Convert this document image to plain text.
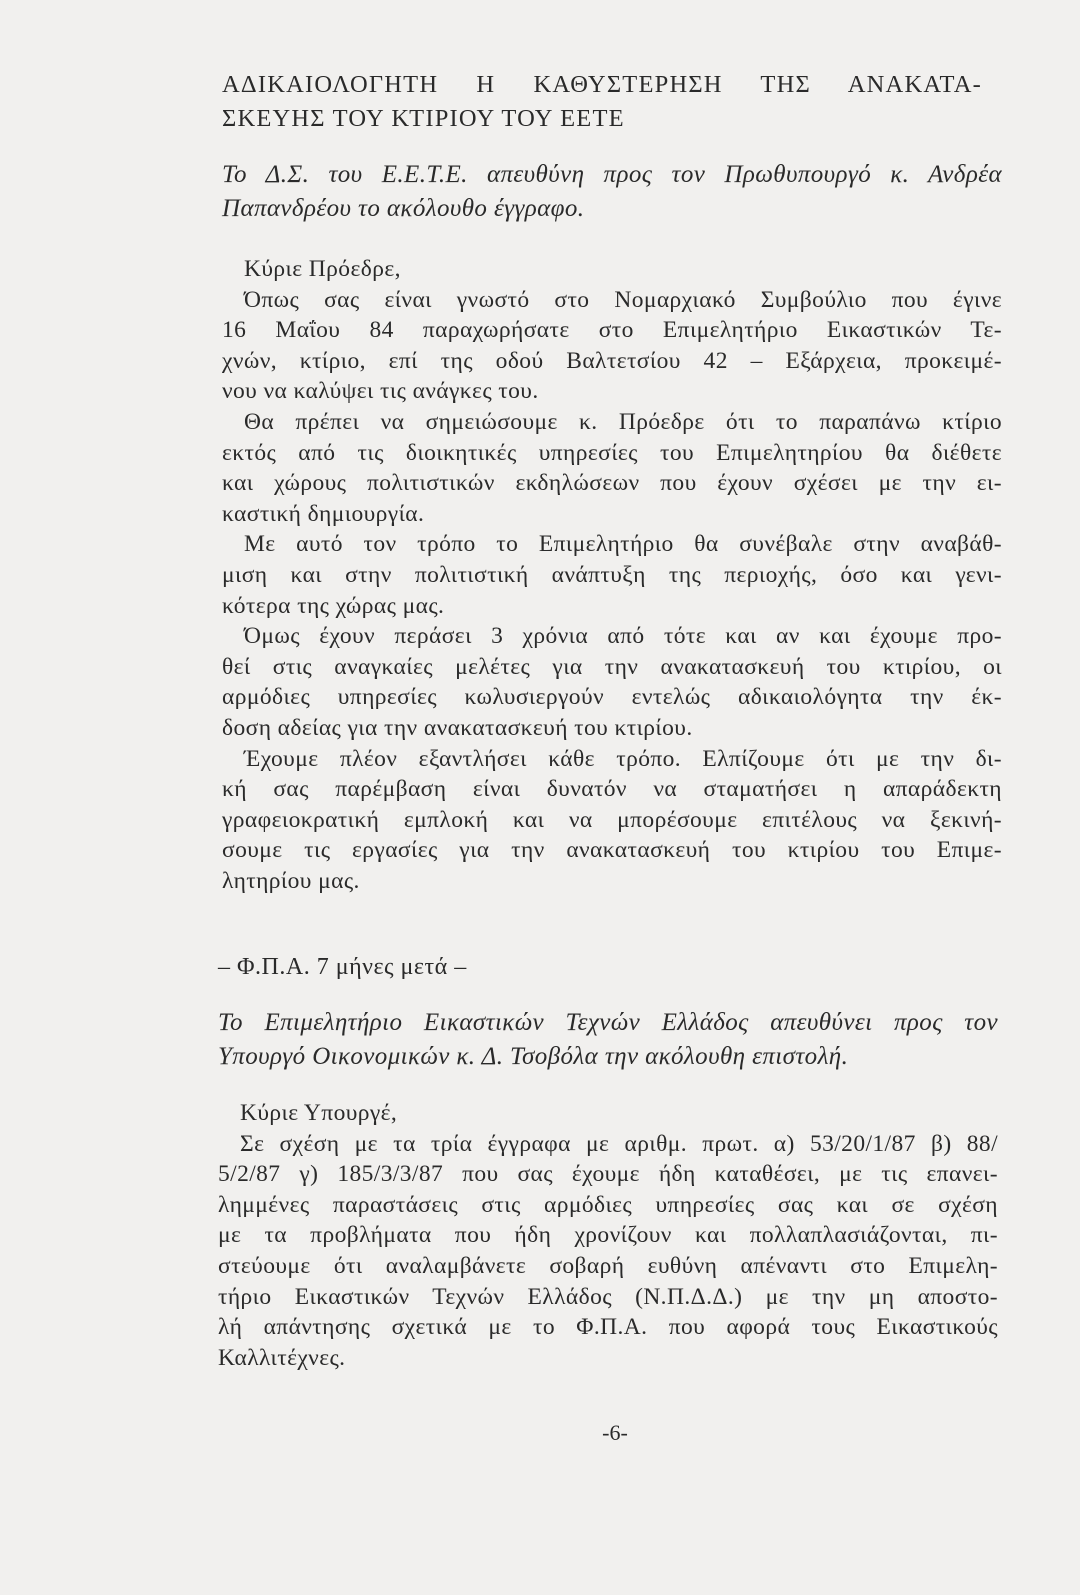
ΑΔΙΚΑΙΟΛΟΓΗΤΗ Η ΚΑΘΥΣΤΕΡΗΣΗ ΤΗΣ ΑΝΑΚΑΤΑ-
ΣΚΕΥΗΣ ΤΟΥ ΚΤΙΡΙΟΥ ΤΟΥ ΕΕΤΕ
Το Δ.Σ. του Ε.Ε.Τ.Ε. απευθύνη προς τον Πρωθυπουργό κ. Ανδρέα
Παπανδρέου το ακόλουθο έγγραφο.
Κύριε Πρόεδρε,
Όπως σας είναι γνωστό στο Νομαρχιακό Συμβούλιο που έγινε
16 Μαΐου 84 παραχωρήσατε στο Επιμελητήριο Εικαστικών Τε-
χνών, κτίριο, επί της οδού Βαλτετσίου 42 – Εξάρχεια, προκειμέ-
νου να καλύψει τις ανάγκες του.
Θα πρέπει να σημειώσουμε κ. Πρόεδρε ότι το παραπάνω κτίριο
εκτός από τις διοικητικές υπηρεσίες του Επιμελητηρίου θα διέθετε
και χώρους πολιτιστικών εκδηλώσεων που έχουν σχέσει με την ει-
καστική δημιουργία.
Με αυτό τον τρόπο το Επιμελητήριο θα συνέβαλε στην αναβάθ-
μιση και στην πολιτιστική ανάπτυξη της περιοχής, όσο και γενι-
κότερα της χώρας μας.
Όμως έχουν περάσει 3 χρόνια από τότε και αν και έχουμε προ-
θεί στις αναγκαίες μελέτες για την ανακατασκευή του κτιρίου, οι
αρμόδιες υπηρεσίες κωλυσιεργούν εντελώς αδικαιολόγητα την έκ-
δοση αδείας για την ανακατασκευή του κτιρίου.
Έχουμε πλέον εξαντλήσει κάθε τρόπο. Ελπίζουμε ότι με την δι-
κή σας παρέμβαση είναι δυνατόν να σταματήσει η απαράδεκτη
γραφειοκρατική εμπλοκή και να μπορέσουμε επιτέλους να ξεκινή-
σουμε τις εργασίες για την ανακατασκευή του κτιρίου του Επιμε-
λητηρίου μας.
– Φ.Π.Α. 7 μήνες μετά –
Το Επιμελητήριο Εικαστικών Τεχνών Ελλάδος απευθύνει προς τον
Υπουργό Οικονομικών κ. Δ. Τσοβόλα την ακόλουθη επιστολή.
Κύριε Υπουργέ,
Σε σχέση με τα τρία έγγραφα με αριθμ. πρωτ. α) 53/20/1/87 β) 88/
5/2/87 γ) 185/3/3/87 που σας έχουμε ήδη καταθέσει, με τις επανει-
λημμένες παραστάσεις στις αρμόδιες υπηρεσίες σας και σε σχέση
με τα προβλήματα που ήδη χρονίζουν και πολλαπλασιάζονται, πι-
στεύουμε ότι αναλαμβάνετε σοβαρή ευθύνη απέναντι στο Επιμελη-
τήριο Εικαστικών Τεχνών Ελλάδος (Ν.Π.Δ.Δ.) με την μη αποστο-
λή απάντησης σχετικά με το Φ.Π.Α. που αφορά τους Εικαστικούς
Καλλιτέχνες.
-6-
